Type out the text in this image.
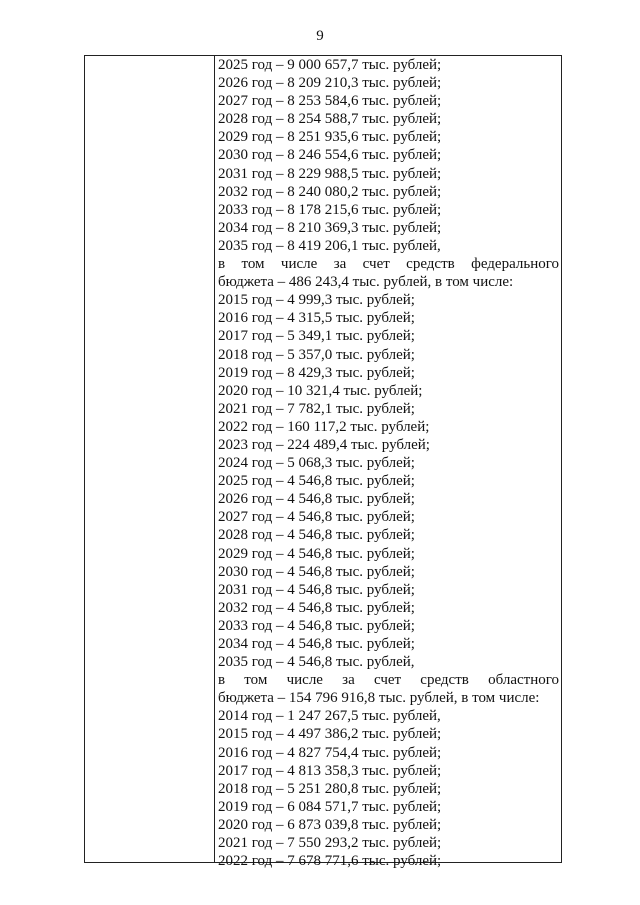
9
2025 год – 9 000 657,7 тыс. рублей;
2026 год – 8 209 210,3 тыс. рублей;
2027 год – 8 253 584,6 тыс. рублей;
2028 год – 8 254 588,7 тыс. рублей;
2029 год – 8 251 935,6 тыс. рублей;
2030 год – 8 246 554,6 тыс. рублей;
2031 год – 8 229 988,5 тыс. рублей;
2032 год – 8 240 080,2 тыс. рублей;
2033 год – 8 178 215,6 тыс. рублей;
2034 год – 8 210 369,3 тыс. рублей;
2035 год – 8 419 206,1 тыс. рублей,
в том числе за счет средств федерального
бюджета – 486 243,4 тыс. рублей, в том числе:
2015 год – 4 999,3 тыс. рублей;
2016 год – 4 315,5 тыс. рублей;
2017 год – 5 349,1 тыс. рублей;
2018 год – 5 357,0 тыс. рублей;
2019 год – 8 429,3 тыс. рублей;
2020 год – 10 321,4 тыс. рублей;
2021 год – 7 782,1 тыс. рублей;
2022 год – 160 117,2 тыс. рублей;
2023 год – 224 489,4 тыс. рублей;
2024 год – 5 068,3 тыс. рублей;
2025 год – 4 546,8 тыс. рублей;
2026 год – 4 546,8 тыс. рублей;
2027 год – 4 546,8 тыс. рублей;
2028 год – 4 546,8 тыс. рублей;
2029 год – 4 546,8 тыс. рублей;
2030 год – 4 546,8 тыс. рублей;
2031 год – 4 546,8 тыс. рублей;
2032 год – 4 546,8 тыс. рублей;
2033 год – 4 546,8 тыс. рублей;
2034 год – 4 546,8 тыс. рублей;
2035 год – 4 546,8 тыс. рублей,
в том числе за счет средств областного
бюджета – 154 796 916,8 тыс. рублей, в том числе:
2014 год – 1 247 267,5 тыс. рублей,
2015 год – 4 497 386,2 тыс. рублей;
2016 год – 4 827 754,4 тыс. рублей;
2017 год – 4 813 358,3 тыс. рублей;
2018 год – 5 251 280,8 тыс. рублей;
2019 год – 6 084 571,7 тыс. рублей;
2020 год – 6 873 039,8 тыс. рублей;
2021 год – 7 550 293,2 тыс. рублей;
2022 год – 7 678 771,6 тыс. рублей;
